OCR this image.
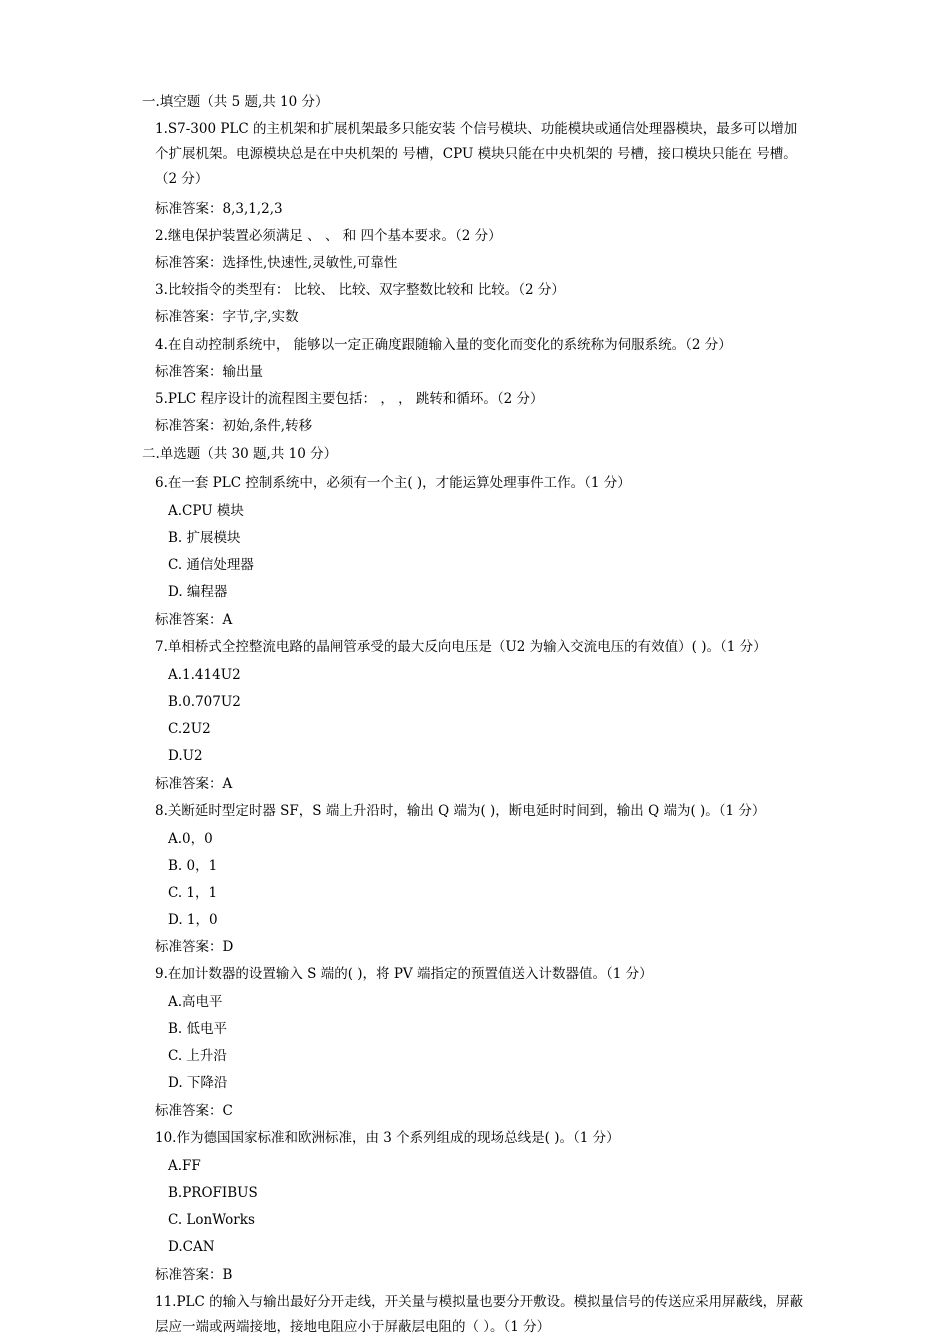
一.填空题（共 5 题,共 10 分）
1.S7-300 PLC 的主机架和扩展机架最多只能安装 个信号模块、功能模块或通信处理器模块，最多可以增加 个扩展机架。电源模块总是在中央机架的 号槽，CPU 模块只能在中央机架的 号槽，接口模块只能在 号槽。（2 分）
标准答案：8,3,1,2,3
2.继电保护装置必须满足 、 、 和 四个基本要求。（2 分）
标准答案：选择性,快速性,灵敏性,可靠性
3.比较指令的类型有： 比较、 比较、双字整数比较和 比较。（2 分）
标准答案：字节,字,实数
4.在自动控制系统中， 能够以一定正确度跟随输入量的变化而变化的系统称为伺服系统。（2 分）
标准答案：输出量
5.PLC 程序设计的流程图主要包括： ， ， 跳转和循环。（2 分）
标准答案：初始,条件,转移
二.单选题（共 30 题,共 10 分）
6.在一套 PLC 控制系统中，必须有一个主( )，才能运算处理事件工作。（1 分）
A.CPU 模块
B. 扩展模块
C. 通信处理器
D. 编程器
标准答案：A
7.单相桥式全控整流电路的晶闸管承受的最大反向电压是（U2 为输入交流电压的有效值）( )。（1 分）
A.1.414U2
B.0.707U2
C.2U2
D.U2
标准答案：A
8.关断延时型定时器 SF，S 端上升沿时，输出 Q 端为( )，断电延时时间到，输出 Q 端为( )。（1 分）
A.0，0
B. 0，1
C. 1，1
D. 1，0
标准答案：D
9.在加计数器的设置输入 S 端的( )，将 PV 端指定的预置值送入计数器值。（1 分）
A.高电平
B. 低电平
C. 上升沿
D. 下降沿
标准答案：C
10.作为德国国家标准和欧洲标准，由 3 个系列组成的现场总线是( )。（1 分）
A.FF
B.PROFIBUS
C. LonWorks
D.CAN
标准答案：B
11.PLC 的输入与输出最好分开走线，开关量与模拟量也要分开敷设。模拟量信号的传送应采用屏蔽线，屏蔽层应一端或两端接地，接地电阻应小于屏蔽层电阻的（ ）。（1 分）
